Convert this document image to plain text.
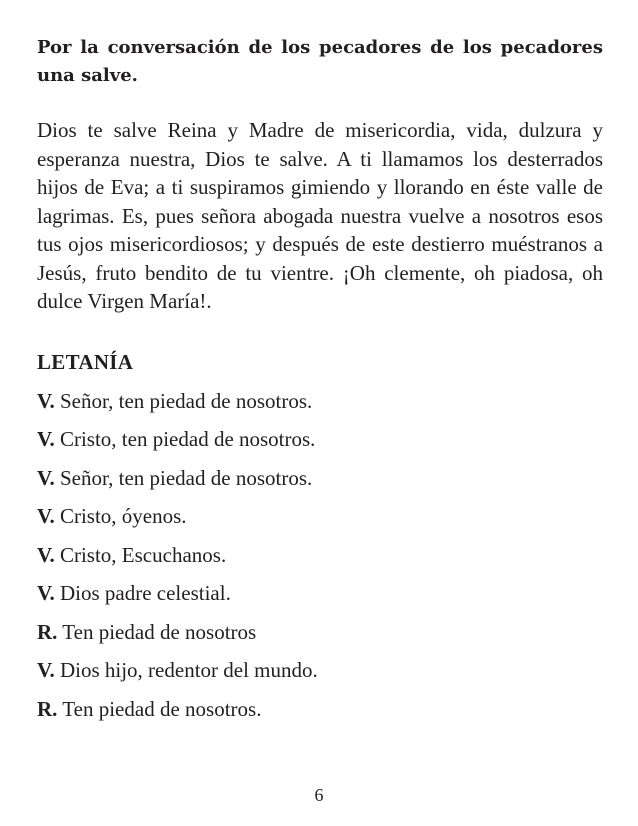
Por la conversación de los pecadores de los pecadores una salve.

Dios te salve Reina y Madre de misericordia, vida, dulzura y esperanza nuestra, Dios te salve. A ti llamamos los desterrados hijos de Eva; a ti suspiramos gimiendo y llorando en éste valle de lagrimas. Es, pues señora abogada nuestra vuelve a nosotros esos tus ojos misericordiosos; y después de este destierro muéstranos a Jesús, fruto bendito de tu vientre. ¡Oh clemente, oh piadosa, oh dulce Virgen María!.

LETANÍA
V. Señor, ten piedad de nosotros.
V. Cristo, ten piedad de nosotros.
V. Señor, ten piedad de nosotros.
V. Cristo, óyenos.
V. Cristo, Escuchanos.
V. Dios padre celestial.
R. Ten piedad de nosotros
V. Dios hijo, redentor del mundo.
R. Ten piedad de nosotros.
6
